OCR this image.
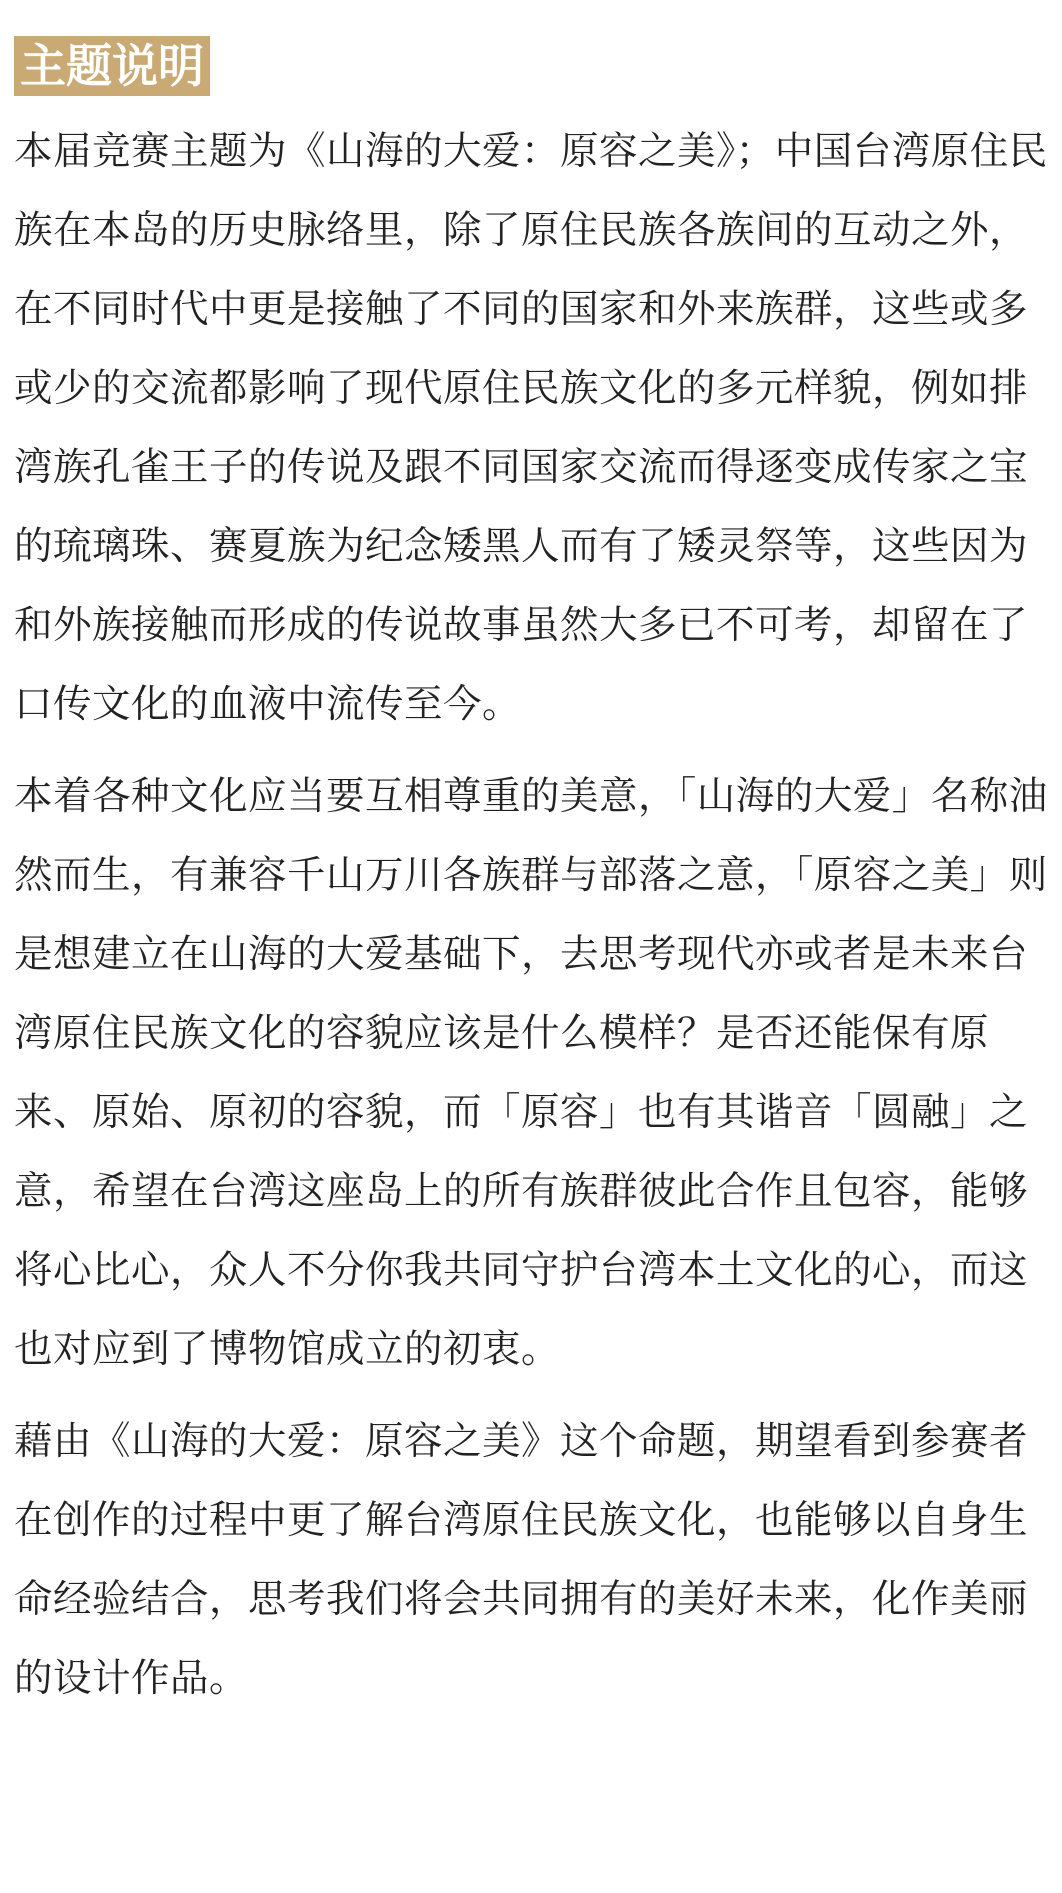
主题说明

本届竞赛主题为《山海的大爱：原容之美》；中国台湾原住民族在本岛的历史脉络里，除了原住民族各族间的互动之外，在不同时代中更是接触了不同的国家和外来族群，这些或多或少的交流都影响了现代原住民族文化的多元样貌，例如排湾族孔雀王子的传说及跟不同国家交流而得逐变成传家之宝的琉璃珠、赛夏族为纪念矮黑人而有了矮灵祭等，这些因为和外族接触而形成的传说故事虽然大多已不可考，却留在了口传文化的血液中流传至今。

本着各种文化应当要互相尊重的美意，「山海的大爱」名称油然而生，有兼容千山万川各族群与部落之意，「原容之美」则是想建立在山海的大爱基础下，去思考现代亦或者是未来台湾原住民族文化的容貌应该是什么模样？是否还能保有原来、原始、原初的容貌，而「原容」也有其谐音「圆融」之意，希望在台湾这座岛上的所有族群彼此合作且包容，能够将心比心，众人不分你我共同守护台湾本土文化的心，而这也对应到了博物馆成立的初衷。

藉由《山海的大爱：原容之美》这个命题，期望看到参赛者在创作的过程中更了解台湾原住民族文化，也能够以自身生命经验结合，思考我们将会共同拥有的美好未来，化作美丽的设计作品。
